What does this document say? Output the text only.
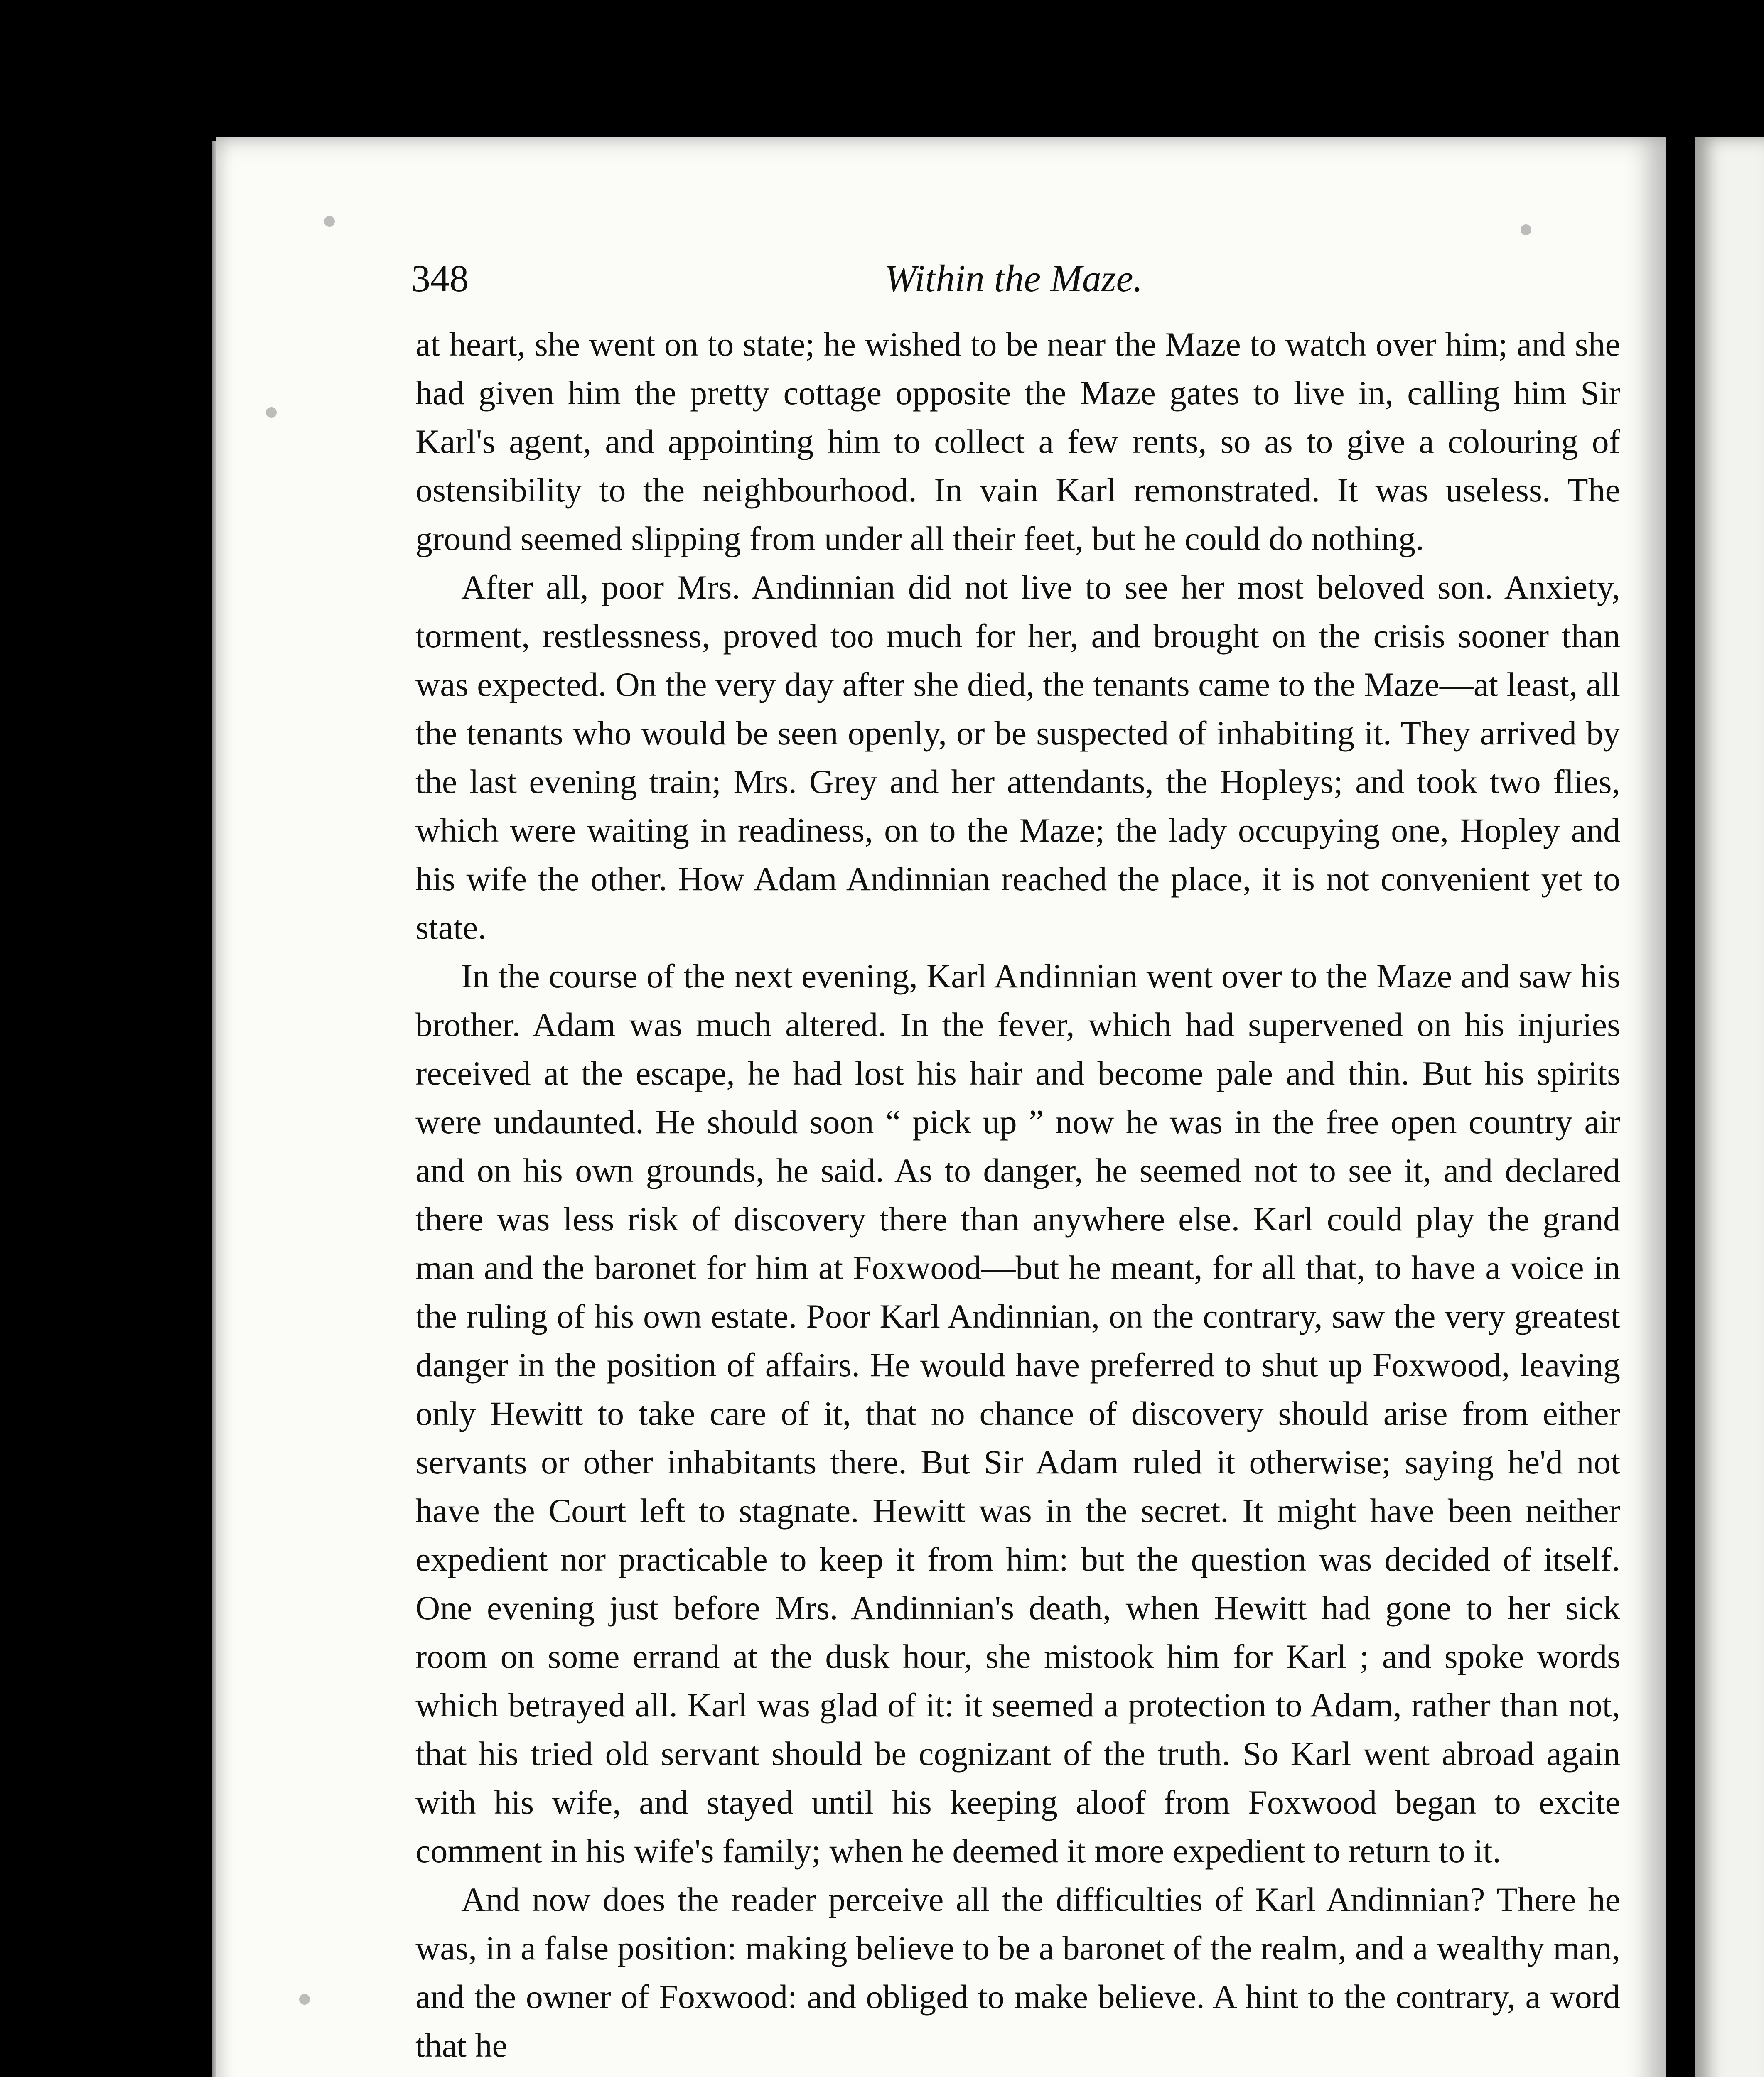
348	Within the Maze.

at heart, she went on to state; he wished to be near the Maze to watch over him; and she had given him the pretty cottage opposite the Maze gates to live in, calling him Sir Karl's agent, and appointing him to collect a few rents, so as to give a colouring of ostensibility to the neighbourhood. In vain Karl remonstrated. It was useless. The ground seemed slipping from under all their feet, but he could do nothing.

After all, poor Mrs. Andinnian did not live to see her most beloved son. Anxiety, torment, restlessness, proved too much for her, and brought on the crisis sooner than was expected. On the very day after she died, the tenants came to the Maze—at least, all the tenants who would be seen openly, or be suspected of inhabiting it. They arrived by the last evening train; Mrs. Grey and her attendants, the Hopleys; and took two flies, which were waiting in readiness, on to the Maze; the lady occupying one, Hopley and his wife the other. How Adam Andinnian reached the place, it is not convenient yet to state.

In the course of the next evening, Karl Andinnian went over to the Maze and saw his brother. Adam was much altered. In the fever, which had supervened on his injuries received at the escape, he had lost his hair and become pale and thin. But his spirits were undaunted. He should soon “ pick up ” now he was in the free open country air and on his own grounds, he said. As to danger, he seemed not to see it, and declared there was less risk of discovery there than anywhere else. Karl could play the grand man and the baronet for him at Foxwood—but he meant, for all that, to have a voice in the ruling of his own estate. Poor Karl Andinnian, on the contrary, saw the very greatest danger in the position of affairs. He would have preferred to shut up Foxwood, leaving only Hewitt to take care of it, that no chance of discovery should arise from either servants or other inhabitants there. But Sir Adam ruled it otherwise; saying he'd not have the Court left to stagnate. Hewitt was in the secret. It might have been neither expedient nor practicable to keep it from him: but the question was decided of itself. One evening just before Mrs. Andinnian's death, when Hewitt had gone to her sick room on some errand at the dusk hour, she mistook him for Karl ; and spoke words which betrayed all. Karl was glad of it: it seemed a protection to Adam, rather than not, that his tried old servant should be cognizant of the truth. So Karl went abroad again with his wife, and stayed until his keeping aloof from Foxwood began to excite comment in his wife's family; when he deemed it more expedient to return to it.

And now does the reader perceive all the difficulties of Karl Andinnian? There he was, in a false position: making believe to be a baronet of the realm, and a wealthy man, and the owner of Foxwood: and obliged to make believe. A hint to the contrary, a word that he
